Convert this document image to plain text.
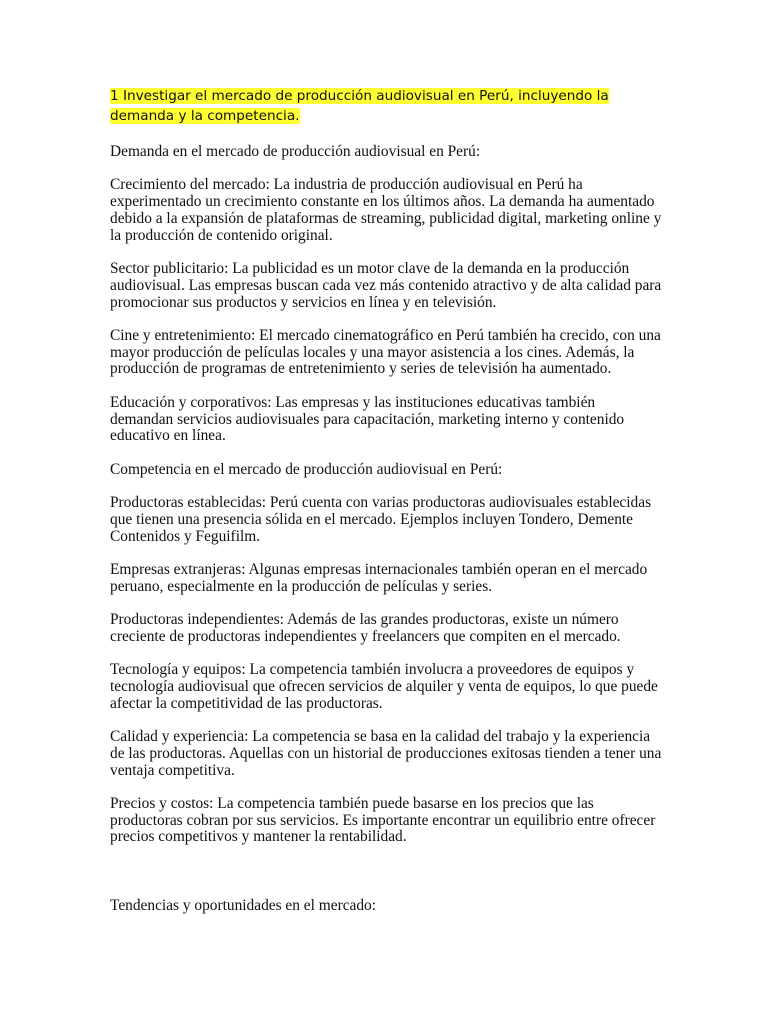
1 Investigar el mercado de producción audiovisual en Perú, incluyendo la demanda y la competencia.

Demanda en el mercado de producción audiovisual en Perú:

Crecimiento del mercado: La industria de producción audiovisual en Perú ha experimentado un crecimiento constante en los últimos años. La demanda ha aumentado debido a la expansión de plataformas de streaming, publicidad digital, marketing online y la producción de contenido original.

Sector publicitario: La publicidad es un motor clave de la demanda en la producción audiovisual. Las empresas buscan cada vez más contenido atractivo y de alta calidad para promocionar sus productos y servicios en línea y en televisión.

Cine y entretenimiento: El mercado cinematográfico en Perú también ha crecido, con una mayor producción de películas locales y una mayor asistencia a los cines. Además, la producción de programas de entretenimiento y series de televisión ha aumentado.

Educación y corporativos: Las empresas y las instituciones educativas también demandan servicios audiovisuales para capacitación, marketing interno y contenido educativo en línea.

Competencia en el mercado de producción audiovisual en Perú:

Productoras establecidas: Perú cuenta con varias productoras audiovisuales establecidas que tienen una presencia sólida en el mercado. Ejemplos incluyen Tondero, Demente Contenidos y Feguifilm.

Empresas extranjeras: Algunas empresas internacionales también operan en el mercado peruano, especialmente en la producción de películas y series.

Productoras independientes: Además de las grandes productoras, existe un número creciente de productoras independientes y freelancers que compiten en el mercado.

Tecnología y equipos: La competencia también involucra a proveedores de equipos y tecnología audiovisual que ofrecen servicios de alquiler y venta de equipos, lo que puede afectar la competitividad de las productoras.

Calidad y experiencia: La competencia se basa en la calidad del trabajo y la experiencia de las productoras. Aquellas con un historial de producciones exitosas tienden a tener una ventaja competitiva.

Precios y costos: La competencia también puede basarse en los precios que las productoras cobran por sus servicios. Es importante encontrar un equilibrio entre ofrecer precios competitivos y mantener la rentabilidad.

Tendencias y oportunidades en el mercado:
